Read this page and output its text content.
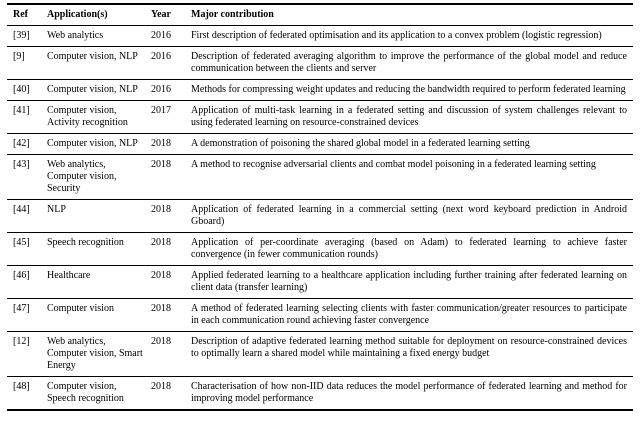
Ref	Application(s)	Year	Major contribution
[39]	Web analytics	2016	First description of federated optimisation and its application to a convex problem (logistic regression)
[9]	Computer vision, NLP	2016	Description of federated averaging algorithm to improve the performance of the global model and reduce communication between the clients and server
[40]	Computer vision, NLP	2016	Methods for compressing weight updates and reducing the bandwidth required to perform federated learning
[41]	Computer vision, Activity recognition	2017	Application of multi-task learning in a federated setting and discussion of system challenges relevant to using federated learning on resource-constrained devices
[42]	Computer vision, NLP	2018	A demonstration of poisoning the shared global model in a federated learning setting
[43]	Web analytics, Computer vision, Security	2018	A method to recognise adversarial clients and combat model poisoning in a federated learning setting
[44]	NLP	2018	Application of federated learning in a commercial setting (next word keyboard prediction in Android Gboard)
[45]	Speech recognition	2018	Application of per-coordinate averaging (based on Adam) to federated learning to achieve faster convergence (in fewer communication rounds)
[46]	Healthcare	2018	Applied federated learning to a healthcare application including further training after federated learning on client data (transfer learning)
[47]	Computer vision	2018	A method of federated learning selecting clients with faster communication/greater resources to participate in each communication round achieving faster convergence
[12]	Web analytics, Computer vision, Smart Energy	2018	Description of adaptive federated learning method suitable for deployment on resource-constrained devices to optimally learn a shared model while maintaining a fixed energy budget
[48]	Computer vision, Speech recognition	2018	Characterisation of how non-IID data reduces the model performance of federated learning and method for improving model performance
